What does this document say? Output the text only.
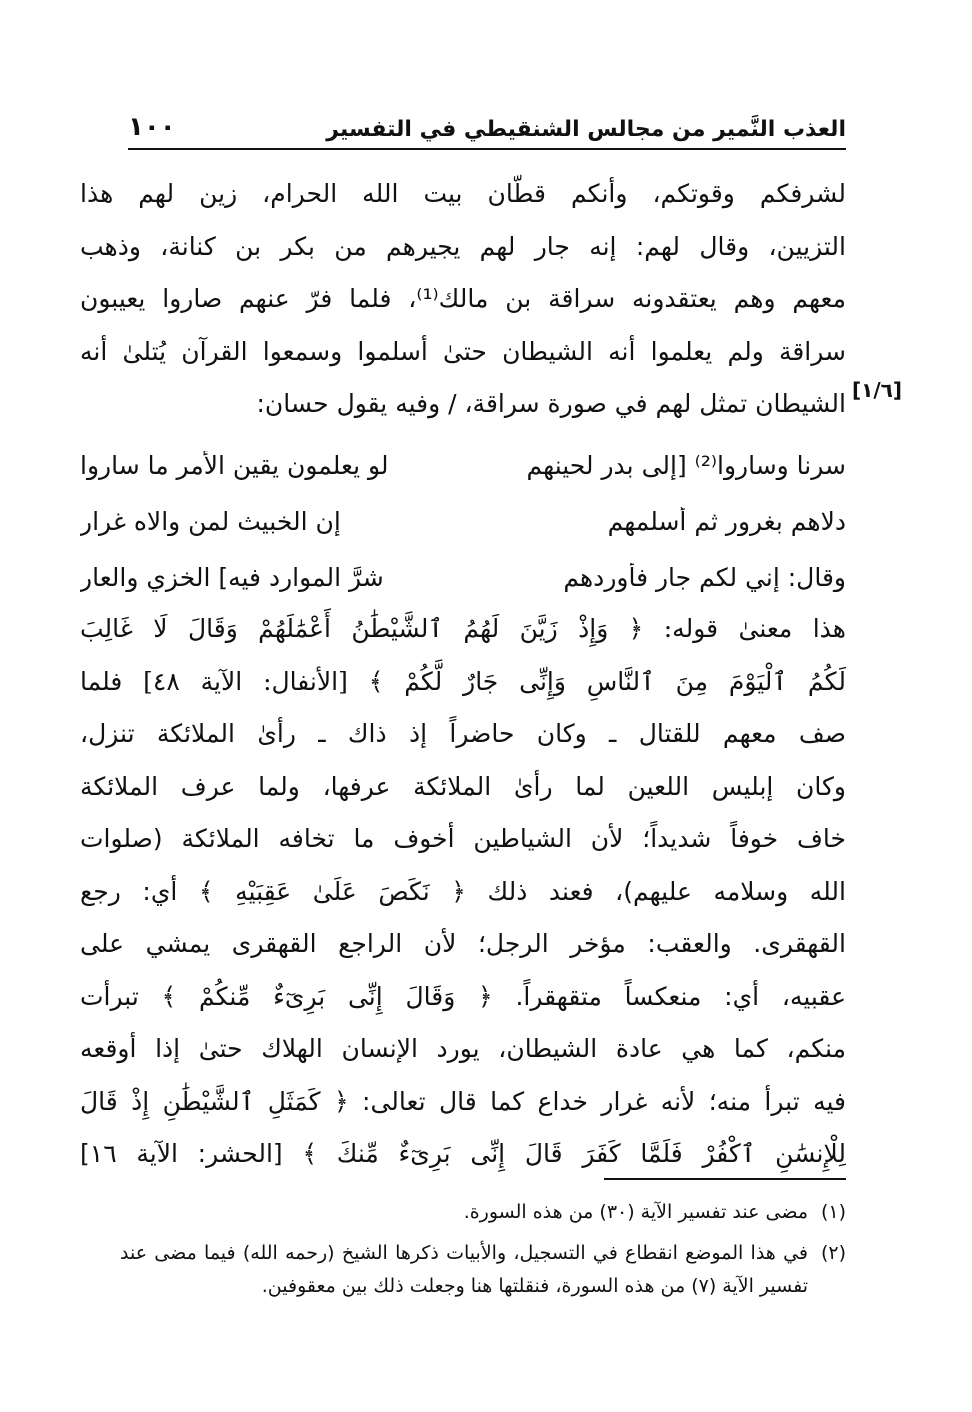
العذب النَّمير من مجالس الشنقيطي في التفسير
١٠٠
لشرفكم وقوتكم، وأنكم قطّان بيت الله الحرام، زين لهم هذا
التزيين، وقال لهم: إنه جار لهم يجيرهم من بكر بن كنانة، وذهب
معهم وهم يعتقدونه سراقة بن مالك⁽¹⁾، فلما فرّ عنهم صاروا يعيبون
سراقة ولم يعلموا أنه الشيطان حتىٰ أسلموا وسمعوا القرآن يُتلىٰ أنه
الشيطان تمثل لهم في صورة سراقة، / وفيه يقول حسان: [١/٦]
سرنا وساروا⁽²⁾ [إلى بدر لحينهم
لو يعلمون يقين الأمر ما ساروا
دلاهم بغرور ثم أسلمهم
إن الخبيث لمن والاه غرار
وقال: إني لكم جار فأوردهم
شرَّ الموارد فيه] الخزي والعار
هذا معنىٰ قوله: ﴿ وَإِذْ زَيَّنَ لَهُمُ ٱلشَّيْطَٰنُ أَعْمَٰلَهُمْ وَقَالَ لَا غَالِبَ
لَكُمُ ٱلْيَوْمَ مِنَ ٱلنَّاسِ وَإِنِّى جَارٌ لَّكُمْ ﴾ [الأنفال: الآية ٤٨] فلما
صف معهم للقتال ـ وكان حاضراً إذ ذاك ـ رأىٰ الملائكة تنزل،
وكان إبليس اللعين لما رأىٰ الملائكة عرفها، ولما عرف الملائكة
خاف خوفاً شديداً؛ لأن الشياطين أخوف ما تخافه الملائكة (صلوات
الله وسلامه عليهم)، فعند ذلك ﴿ نَكَصَ عَلَىٰ عَقِبَيْهِ ﴾ أي: رجع
القهقرى. والعقب: مؤخر الرجل؛ لأن الراجع القهقرى يمشي على
عقبيه، أي: منعكساً متقهقراً. ﴿ وَقَالَ إِنِّى بَرِىٓءٌ مِّنكُمْ ﴾ تبرأت
منكم، كما هي عادة الشيطان، يورد الإنسان الهلاك حتىٰ إذا أوقعه
فيه تبرأ منه؛ لأنه غرار خداع كما قال تعالى: ﴿ كَمَثَلِ ٱلشَّيْطَٰنِ إِذْ قَالَ
لِلْإِنسَٰنِ ٱكْفُرْ فَلَمَّا كَفَرَ قَالَ إِنِّى بَرِىٓءٌ مِّنكَ ﴾ [الحشر: الآية ١٦]
(١)
مضى عند تفسير الآية (٣٠) من هذه السورة.
(٢)
في هذا الموضع انقطاع في التسجيل، والأبيات ذكرها الشيخ (رحمه الله) فيما مضى عند تفسير الآية (٧) من هذه السورة، فنقلتها هنا وجعلت ذلك بين معقوفين.
